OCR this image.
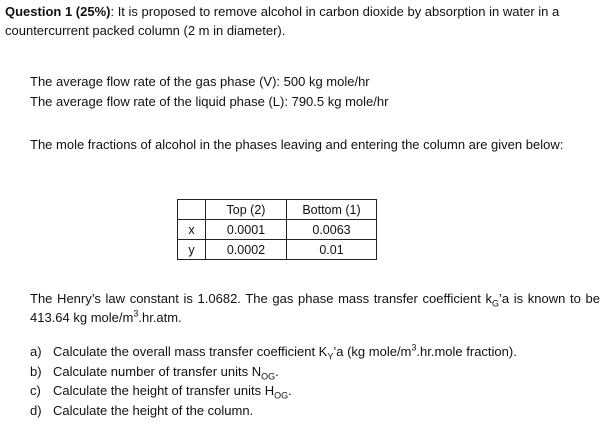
Question 1 (25%): It is proposed to remove alcohol in carbon dioxide by absorption in water in a countercurrent packed column (2 m in diameter).
The average flow rate of the gas phase (V): 500 kg mole/hr
The average flow rate of the liquid phase (L): 790.5 kg mole/hr
The mole fractions of alcohol in the phases leaving and entering the column are given below:
	Top (2)	Bottom (1)
x	0.0001	0.0063
y	0.0002	0.01
The Henry’s law constant is 1.0682. The gas phase mass transfer coefficient $k_G’a$ is known to be 413.64 kg mole/$m^3.hr.atm$.
a) Calculate the overall mass transfer coefficient $K_Y’a$ (kg mole/$m^3.hr.mole$ fraction).
b) Calculate number of transfer units $N_{OG}$.
c) Calculate the height of transfer units $H_{OG}$.
d) Calculate the height of the column.
